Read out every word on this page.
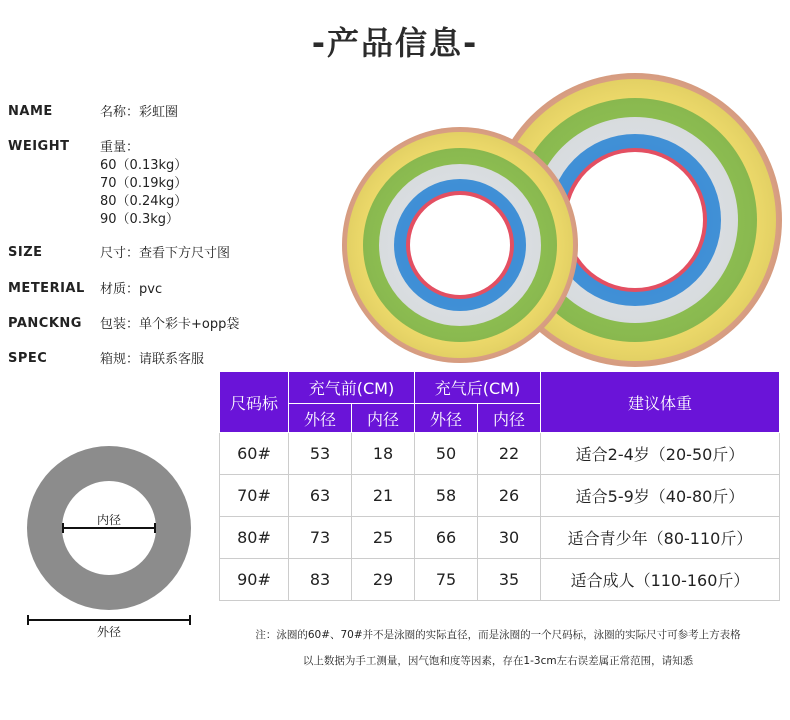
-产品信息-
NAME	名称：彩虹圈
WEIGHT	重量：
60（0.13kg）
70（0.19kg）
80（0.24kg）
90（0.3kg）
SIZE	尺寸：查看下方尺寸图
METERIAL	材质：pvc
PANCKNG	包装：单个彩卡+opp袋
SPEC	箱规：请联系客服
尺码标	充气前(CM)		充气后(CM)		建议体重
	外径	内径	外径	内径	
60#	53	18	50	22	适合2-4岁（20-50斤）
70#	63	21	58	26	适合5-9岁（40-80斤）
80#	73	25	66	30	适合青少年（80-110斤）
90#	83	29	75	35	适合成人（110-160斤）
内径
外径	注：泳圈的60#、70#并不是泳圈的实际直径，而是泳圈的一个尺码标，泳圈的实际尺寸可参考上方表格
以上数据为手工测量，因气饱和度等因素，存在1-3cm左右误差属正常范围，请知悉
